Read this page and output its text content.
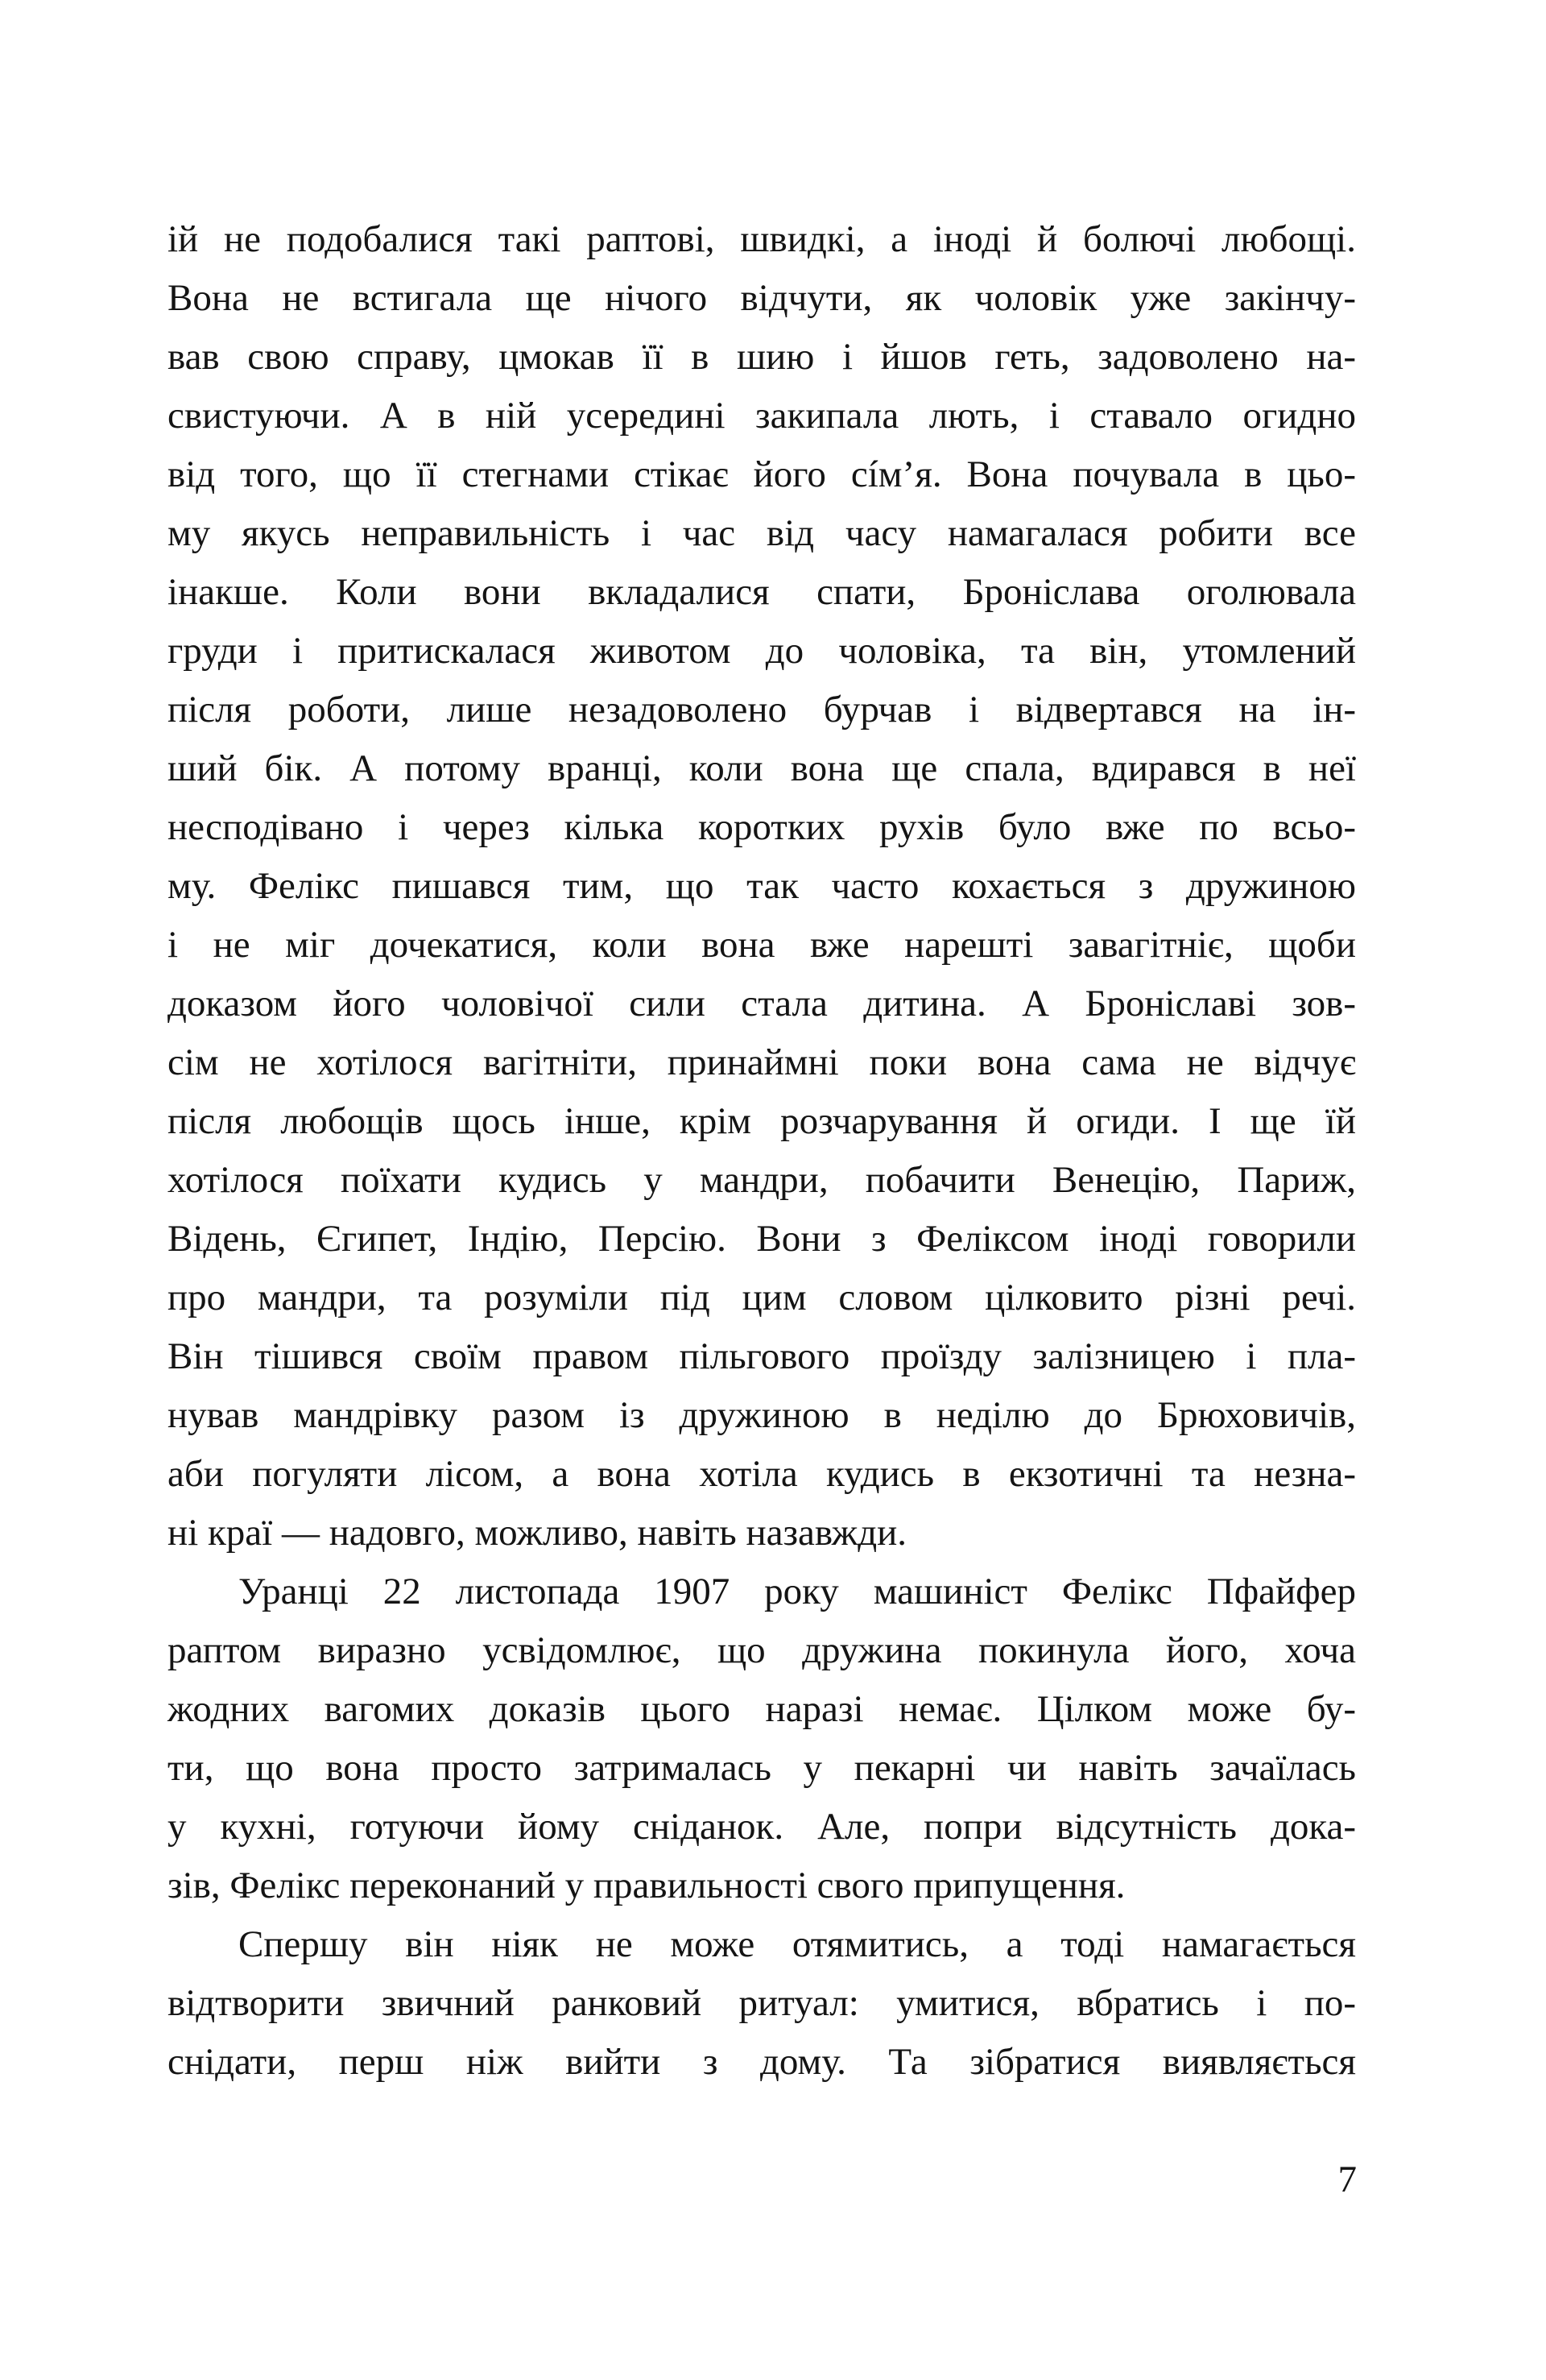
ій не подобалися такі раптові, швидкі, а іноді й болючі любощі.
Вона не встигала ще нічого відчути, як чоловік уже закінчу-
вав свою справу, цмокав її в шию і йшов геть, задоволено на-
свистуючи. А в ній усередині закипала лють, і ставало огидно
від того, що її стегнами стікає його сíм’я. Вона почувала в цьо-
му якусь неправильність і час від часу намагалася робити все
інакше. Коли вони вкладалися спати, Броніслава оголювала
груди і притискалася животом до чоловіка, та він, утомлений
після роботи, лише незадоволено бурчав і відвертався на ін-
ший бік. А потому вранці, коли вона ще спала, вдирався в неї
несподівано і через кілька коротких рухів було вже по всьо-
му. Фелікс пишався тим, що так часто кохається з дружиною
і не міг дочекатися, коли вона вже нарешті завагітніє, щоби
доказом його чоловічої сили стала дитина. А Броніславі зов-
сім не хотілося вагітніти, принаймні поки вона сама не відчує
після любощів щось інше, крім розчарування й огиди. І ще їй
хотілося поїхати кудись у мандри, побачити Венецію, Париж,
Відень, Єгипет, Індію, Персію. Вони з Феліксом іноді говорили
про мандри, та розуміли під цим словом цілковито різні речі.
Він тішився своїм правом пільгового проїзду залізницею і пла-
нував мандрівку разом із дружиною в неділю до Брюховичів,
аби погуляти лісом, а вона хотіла кудись в екзотичні та незна-
ні краї — надовго, можливо, навіть назавжди.
Уранці 22 листопада 1907 року машиніст Фелікс Пфайфер
раптом виразно усвідомлює, що дружина покинула його, хоча
жодних вагомих доказів цього наразі немає. Цілком може бу-
ти, що вона просто затрималась у пекарні чи навіть зачаїлась
у кухні, готуючи йому сніданок. Але, попри відсутність дока-
зів, Фелікс переконаний у правильності свого припущення.
Спершу він ніяк не може отямитись, а тоді намагається
відтворити звичний ранковий ритуал: умитися, вбратись і по-
снідати, перш ніж вийти з дому. Та зібратися виявляється
7
